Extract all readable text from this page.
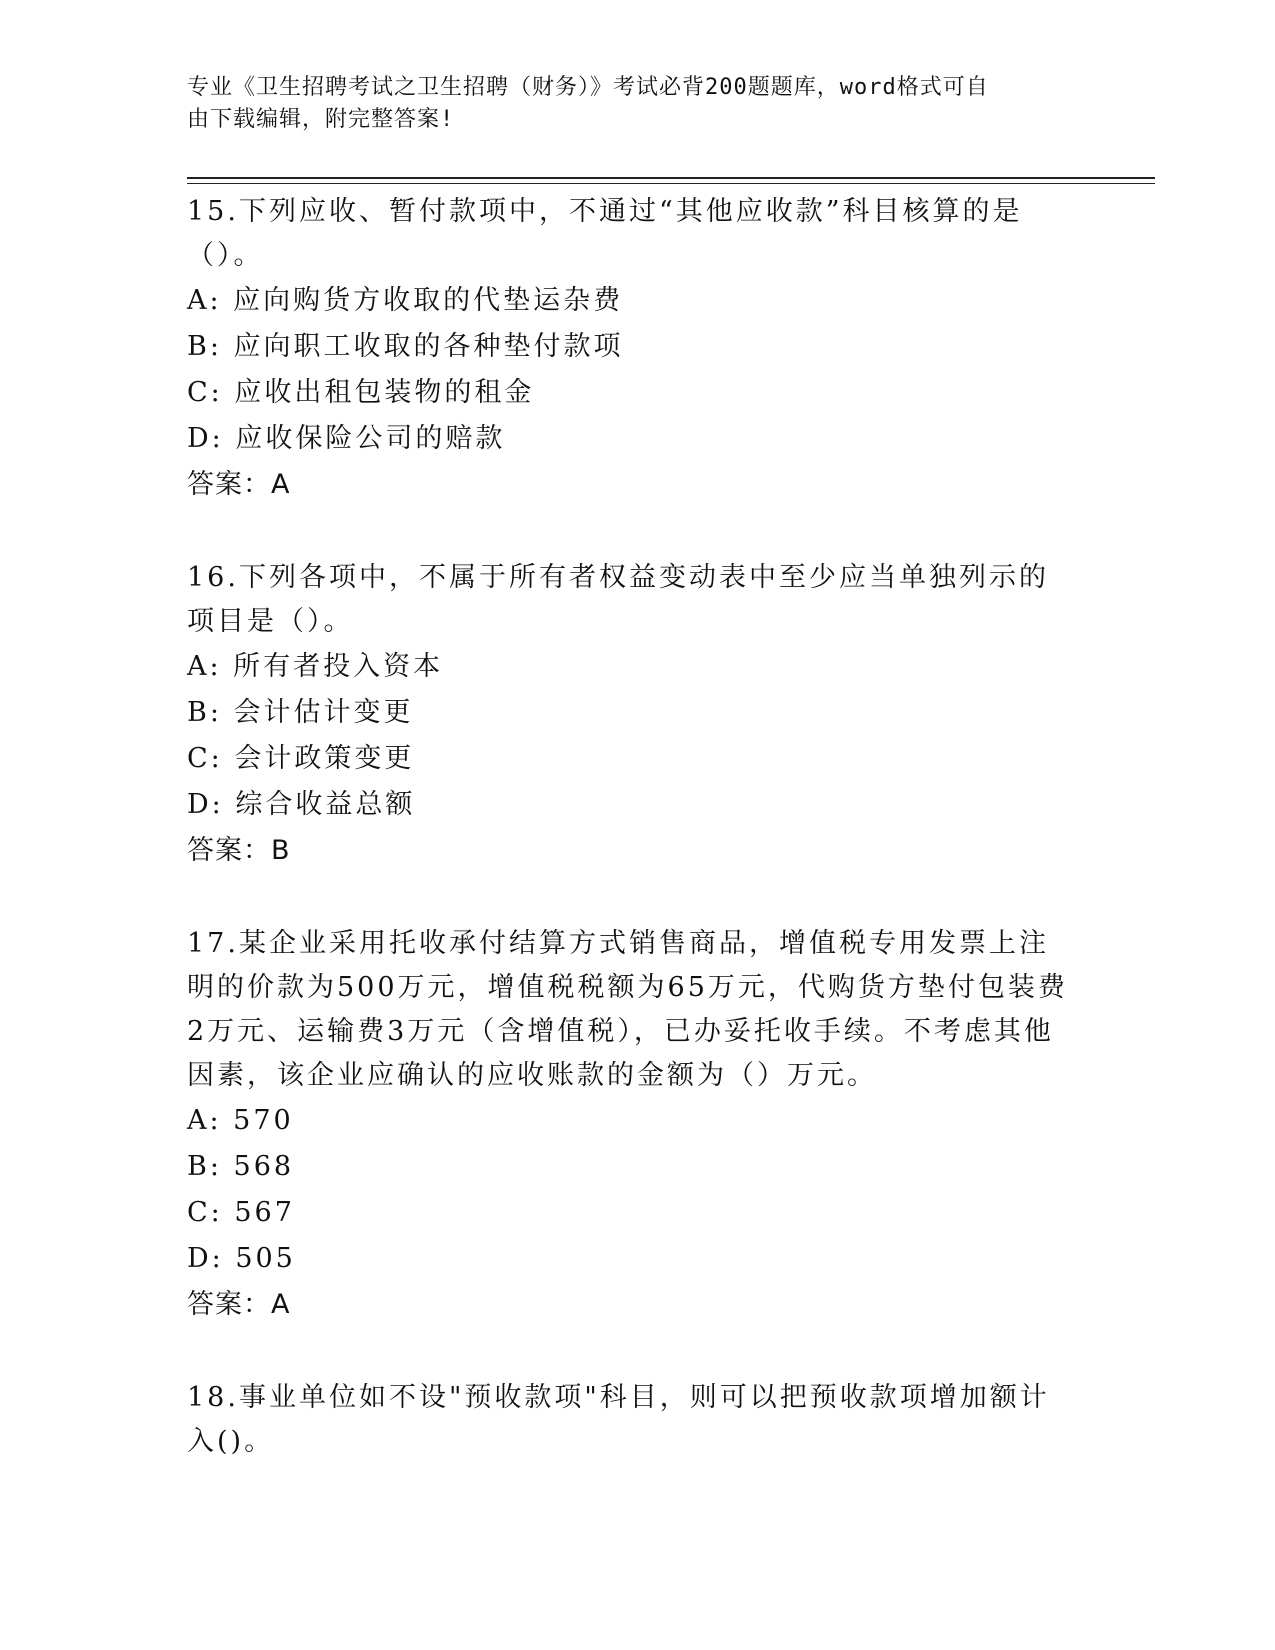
专业《卫生招聘考试之卫生招聘（财务）》考试必背200题题库，word格式可自
由下载编辑，附完整答案!
15.下列应收、暂付款项中，不通过“其他应收款”科目核算的是（）。
A: 应向购货方收取的代垫运杂费
B: 应向职工收取的各种垫付款项
C: 应收出租包装物的租金
D: 应收保险公司的赔款
答案：A
16.下列各项中，不属于所有者权益变动表中至少应当单独列示的项目是（）。
A: 所有者投入资本
B: 会计估计变更
C: 会计政策变更
D: 综合收益总额
答案：B
17.某企业采用托收承付结算方式销售商品，增值税专用发票上注明的价款为500万元，增值税税额为65万元，代购货方垫付包装费2万元、运输费3万元（含增值税），已办妥托收手续。不考虑其他因素，该企业应确认的应收账款的金额为（）万元。
A: 570
B: 568
C: 567
D: 505
答案：A
18.事业单位如不设"预收款项"科目，则可以把预收款项增加额计入()。
